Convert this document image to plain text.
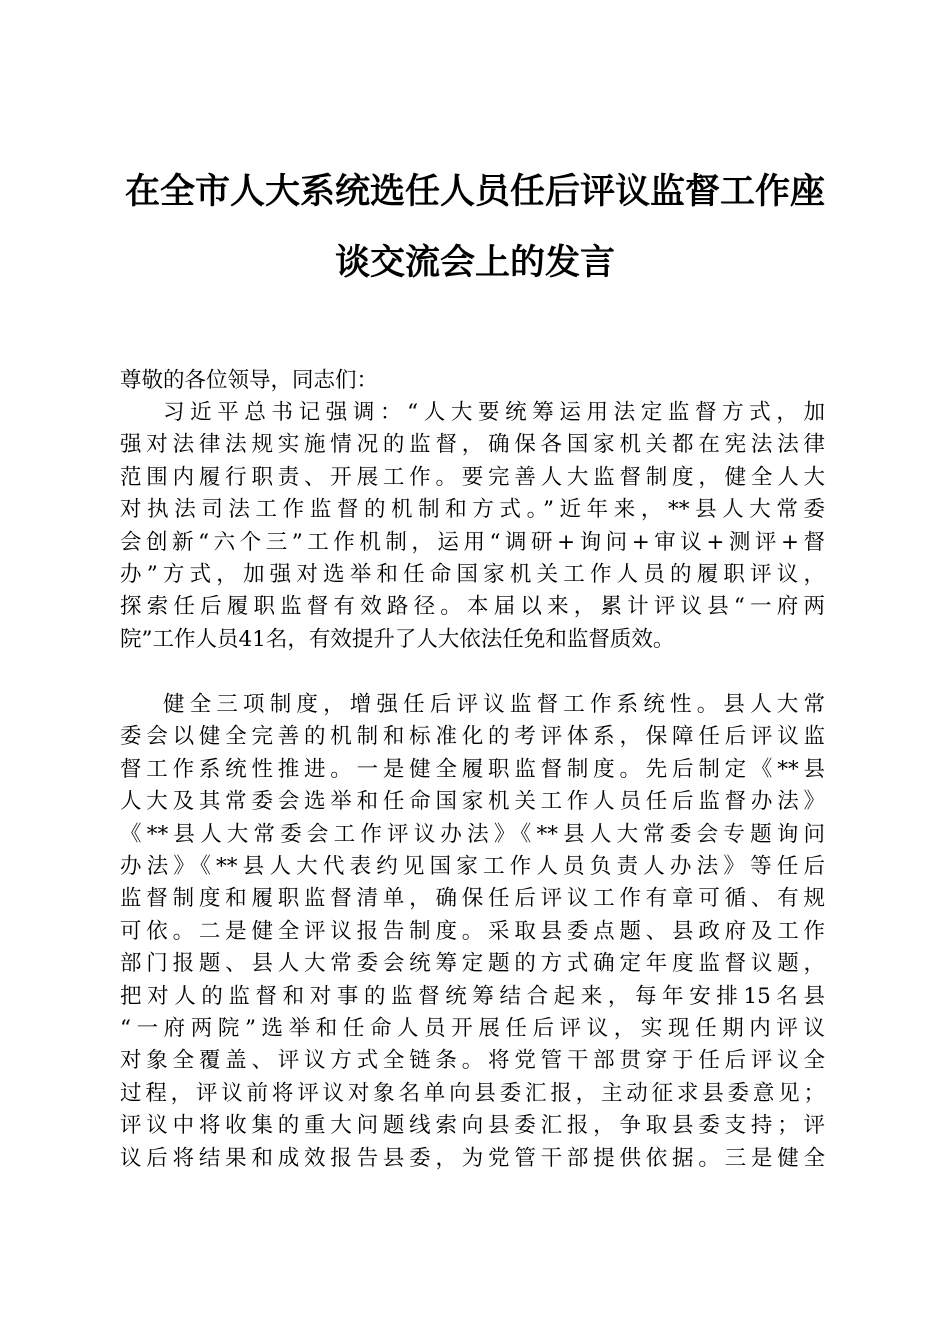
在全市人大系统选任人员任后评议监督工作座
谈交流会上的发言

尊敬的各位领导，同志们：

习近平总书记强调：“人大要统筹运用法定监督方式，加
强对法律法规实施情况的监督，确保各国家机关都在宪法法律
范围内履行职责、开展工作。要完善人大监督制度，健全人大
对执法司法工作监督的机制和方式。”近年来，**县人大常委
会创新“六个三”工作机制，运用“调研+询问+审议+测评+督
办”方式，加强对选举和任命国家机关工作人员的履职评议，
探索任后履职监督有效路径。本届以来，累计评议县“一府两
院”工作人员41名，有效提升了人大依法任免和监督质效。
健全三项制度，增强任后评议监督工作系统性。县人大常
委会以健全完善的机制和标准化的考评体系，保障任后评议监
督工作系统性推进。一是健全履职监督制度。先后制定《**县
人大及其常委会选举和任命国家机关工作人员任后监督办法》
《**县人大常委会工作评议办法》《**县人大常委会专题询问
办法》《**县人大代表约见国家工作人员负责人办法》等任后
监督制度和履职监督清单，确保任后评议工作有章可循、有规
可依。二是健全评议报告制度。采取县委点题、县政府及工作
部门报题、县人大常委会统筹定题的方式确定年度监督议题，
把对人的监督和对事的监督统筹结合起来，每年安排15名县
“一府两院”选举和任命人员开展任后评议，实现任期内评议
对象全覆盖、评议方式全链条。将党管干部贯穿于任后评议全
过程，评议前将评议对象名单向县委汇报，主动征求县委意见；
评议中将收集的重大问题线索向县委汇报，争取县委支持；评
议后将结果和成效报告县委，为党管干部提供依据。三是健全
